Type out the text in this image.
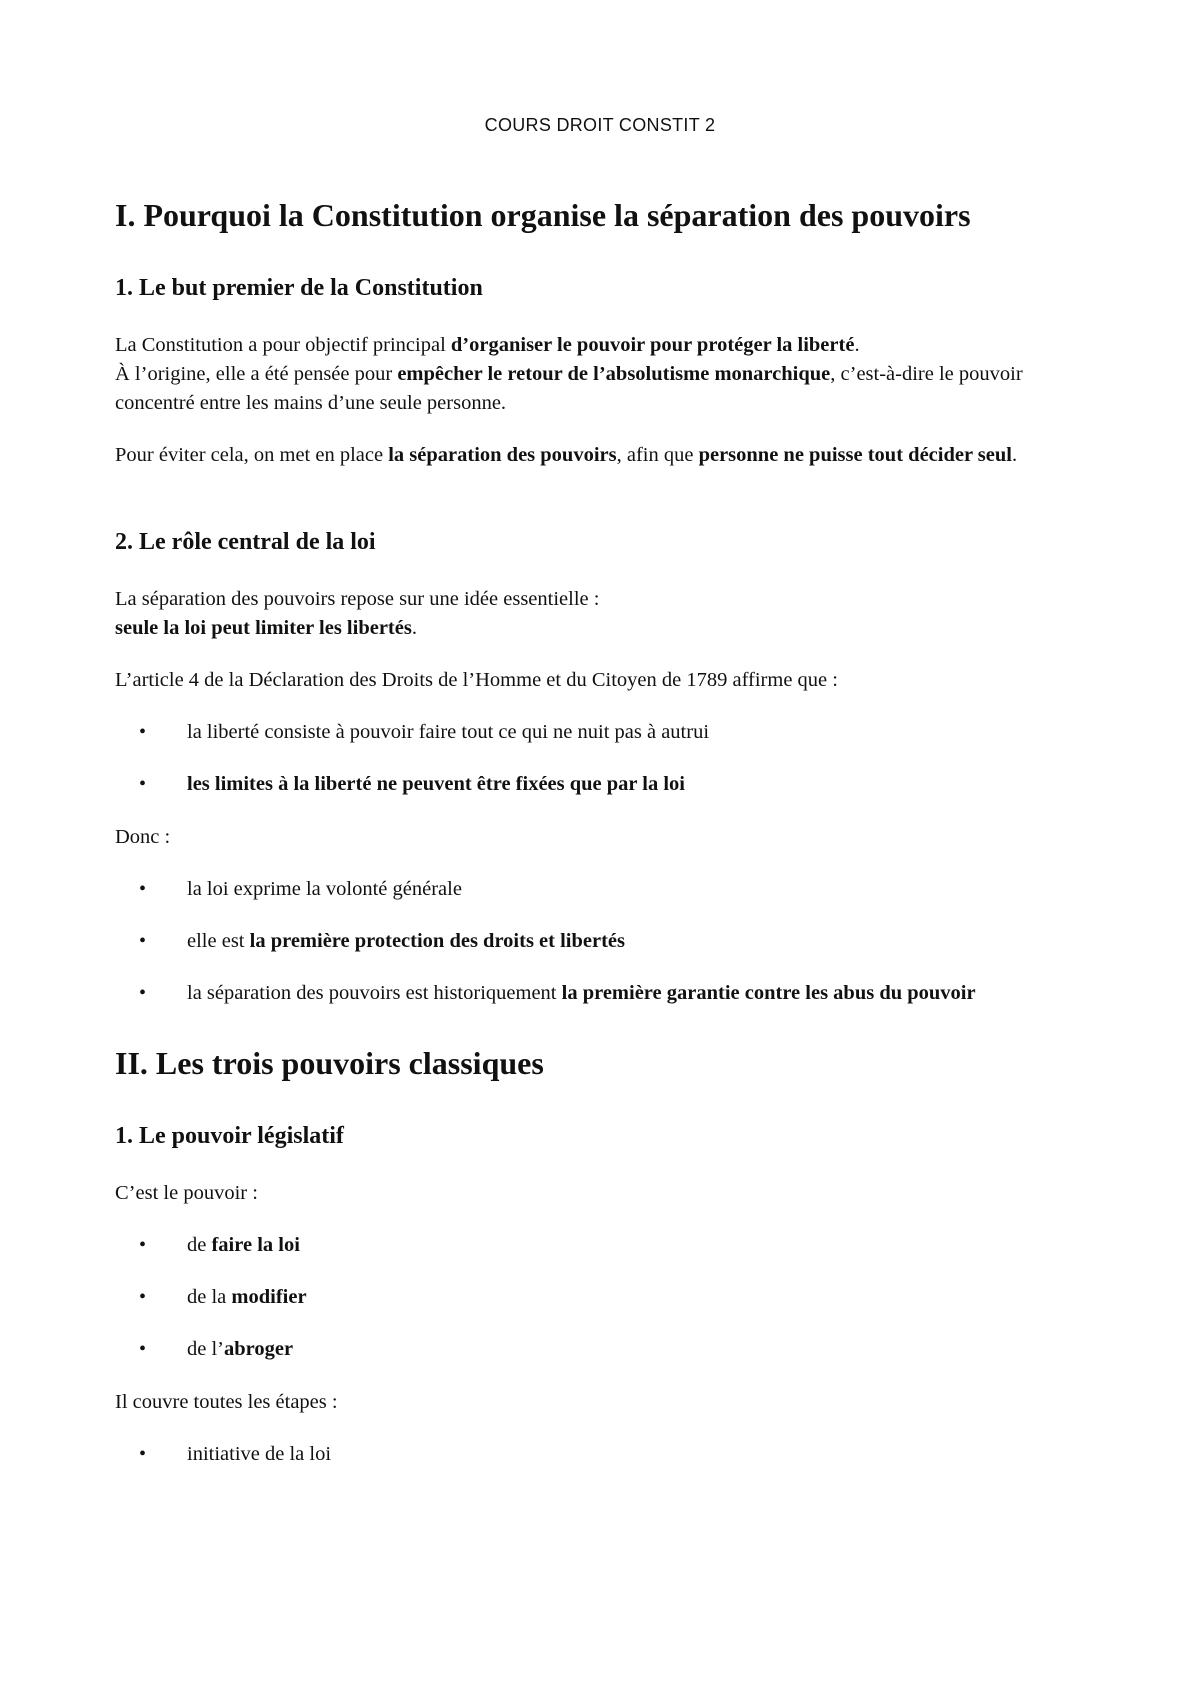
COURS DROIT CONSTIT 2
I. Pourquoi la Constitution organise la séparation des pouvoirs
1. Le but premier de la Constitution

La Constitution a pour objectif principal d’organiser le pouvoir pour protéger la liberté.
À l’origine, elle a été pensée pour empêcher le retour de l’absolutisme monarchique, c’est-à-dire le pouvoir concentré entre les mains d’une seule personne.

Pour éviter cela, on met en place la séparation des pouvoirs, afin que personne ne puisse tout décider seul.

2. Le rôle central de la loi

La séparation des pouvoirs repose sur une idée essentielle :
seule la loi peut limiter les libertés.

L’article 4 de la Déclaration des Droits de l’Homme et du Citoyen de 1789 affirme que :

• la liberté consiste à pouvoir faire tout ce qui ne nuit pas à autrui
• les limites à la liberté ne peuvent être fixées que par la loi

Donc :

• la loi exprime la volonté générale
• elle est la première protection des droits et libertés
• la séparation des pouvoirs est historiquement la première garantie contre les abus du pouvoir
II. Les trois pouvoirs classiques
1. Le pouvoir législatif

C’est le pouvoir :

• de faire la loi
• de la modifier
• de l’abroger

Il couvre toutes les étapes :

• initiative de la loi
